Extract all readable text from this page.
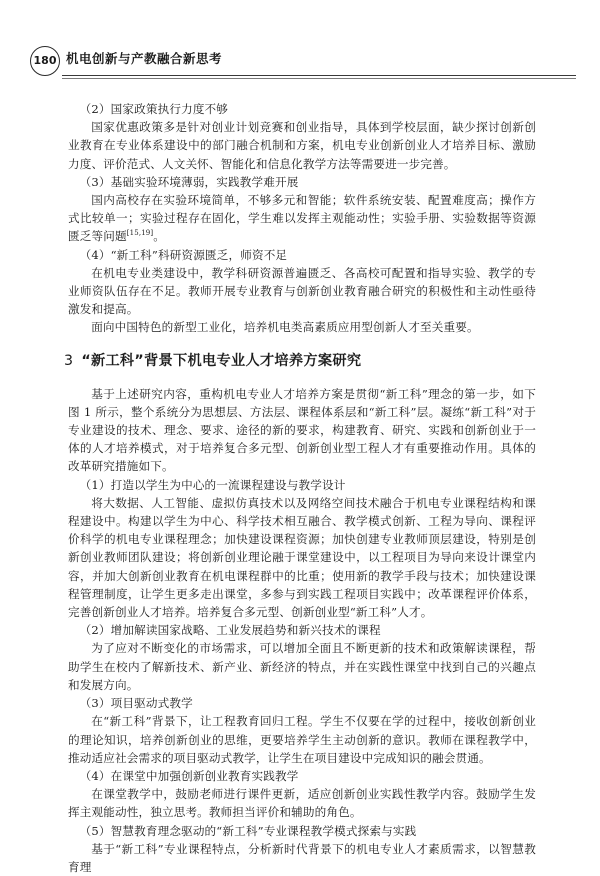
180 机电创新与产教融合新思考

（2）国家政策执行力度不够

国家优惠政策多是针对创业计划竞赛和创业指导，具体到学校层面，缺少探讨创新创业教育在专业体系建设中的部门融合机制和方案，机电专业创新创业人才培养目标、激励力度、评价范式、人文关怀、智能化和信息化教学方法等需要进一步完善。

（3）基础实验环境薄弱，实践教学难开展

国内高校存在实验环境简单，不够多元和智能；软件系统安装、配置难度高；操作方式比较单一；实验过程存在固化，学生难以发挥主观能动性；实验手册、实验数据等资源匮乏等问题[15,19]。

（4）“新工科”科研资源匮乏，师资不足

在机电专业类建设中，教学科研资源普遍匮乏、各高校可配置和指导实验、教学的专业师资队伍存在不足。教师开展专业教育与创新创业教育融合研究的积极性和主动性亟待激发和提高。

面向中国特色的新型工业化，培养机电类高素质应用型创新人才至关重要。

3 “新工科”背景下机电专业人才培养方案研究

基于上述研究内容，重构机电专业人才培养方案是贯彻“新工科”理念的第一步，如下图 1 所示，整个系统分为思想层、方法层、课程体系层和“新工科”层。凝练“新工科”对于专业建设的技术、理念、要求、途径的新的要求，构建教育、研究、实践和创新创业于一体的人才培养模式，对于培养复合多元型、创新创业型工程人才有重要推动作用。具体的改革研究措施如下。

（1）打造以学生为中心的一流课程建设与教学设计

将大数据、人工智能、虚拟仿真技术以及网络空间技术融合于机电专业课程结构和课程建设中。构建以学生为中心、科学技术相互融合、教学模式创新、工程为导向、课程评价科学的机电专业课程理念；加快建设课程资源；加快创建专业教师顶层建设，特别是创新创业教师团队建设；将创新创业理论融于课堂建设中，以工程项目为导向来设计课堂内容，并加大创新创业教育在机电课程群中的比重；使用新的教学手段与技术；加快建设课程管理制度，让学生更多走出课堂，多参与到实践工程项目实践中；改革课程评价体系，完善创新创业人才培养。培养复合多元型、创新创业型“新工科”人才。

（2）增加解读国家战略、工业发展趋势和新兴技术的课程

为了应对不断变化的市场需求，可以增加全面且不断更新的技术和政策解读课程，帮助学生在校内了解新技术、新产业、新经济的特点，并在实践性课堂中找到自己的兴趣点和发展方向。

（3）项目驱动式教学

在“新工科”背景下，让工程教育回归工程。学生不仅要在学的过程中，接收创新创业的理论知识，培养创新创业的思维，更要培养学生主动创新的意识。教师在课程教学中，推动适应社会需求的项目驱动式教学，让学生在项目建设中完成知识的融会贯通。

（4）在课堂中加强创新创业教育实践教学

在课堂教学中，鼓励老师进行课件更新，适应创新创业实践性教学内容。鼓励学生发挥主观能动性，独立思考。教师担当评价和辅助的角色。

（5）智慧教育理念驱动的“新工科”专业课程教学模式探索与实践

基于“新工科”专业课程特点，分析新时代背景下的机电专业人才素质需求，以智慧教育理
